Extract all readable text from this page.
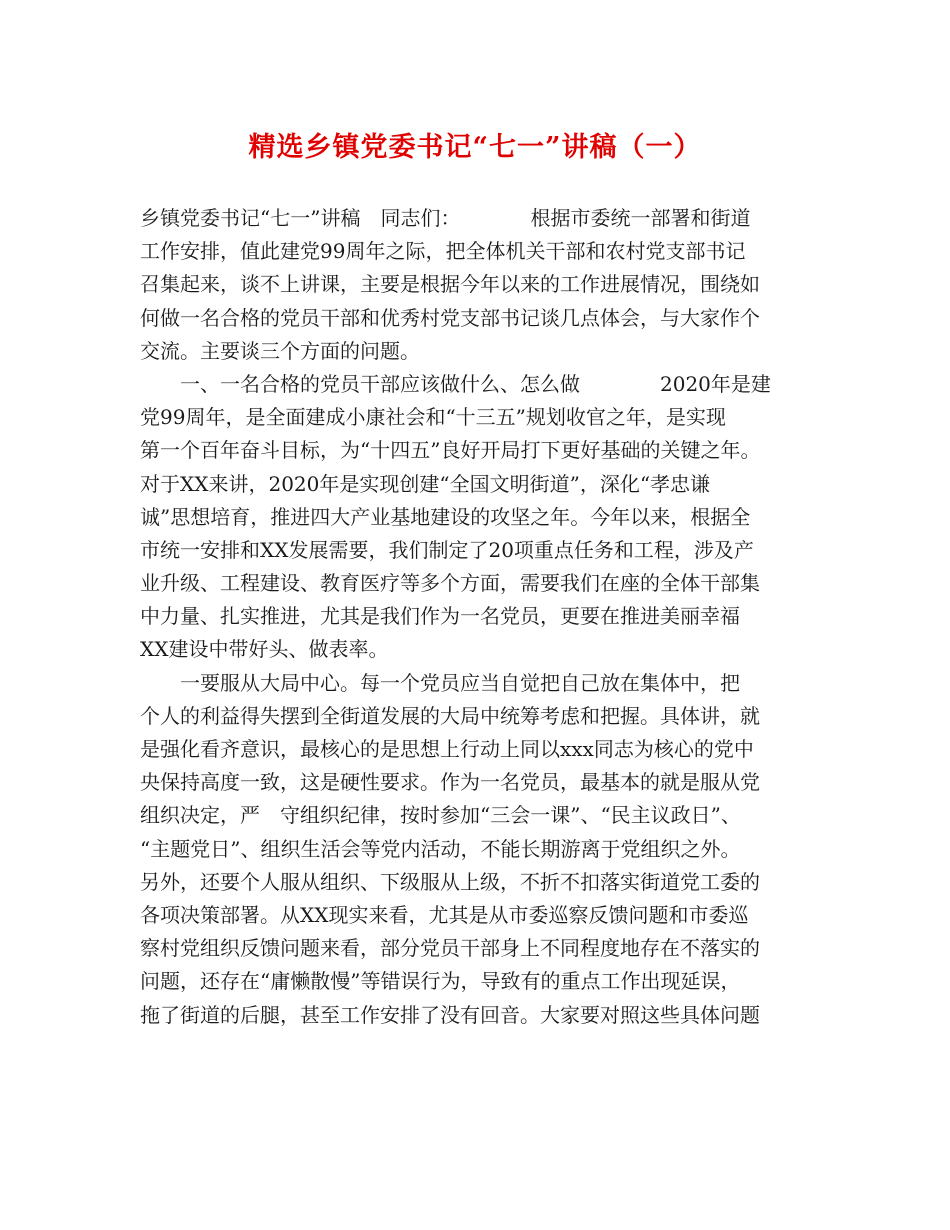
精选乡镇党委书记“七一”讲稿（一）
乡镇党委书记“七一”讲稿　同志们：　　　　根据市委统一部署和街道
工作安排，值此建党99周年之际，把全体机关干部和农村党支部书记
召集起来，谈不上讲课，主要是根据今年以来的工作进展情况，围绕如
何做一名合格的党员干部和优秀村党支部书记谈几点体会，与大家作个
交流。主要谈三个方面的问题。
　　一、一名合格的党员干部应该做什么、怎么做　　　　2020年是建
党99周年，是全面建成小康社会和“十三五”规划收官之年，是实现
第一个百年奋斗目标，为“十四五”良好开局打下更好基础的关键之年。
对于XX来讲，2020年是实现创建“全国文明街道”，深化“孝忠谦
诚”思想培育，推进四大产业基地建设的攻坚之年。今年以来，根据全
市统一安排和XX发展需要，我们制定了20项重点任务和工程，涉及产
业升级、工程建设、教育医疗等多个方面，需要我们在座的全体干部集
中力量、扎实推进，尤其是我们作为一名党员，更要在推进美丽幸福
XX建设中带好头、做表率。
　　一要服从大局中心。每一个党员应当自觉把自己放在集体中，把
个人的利益得失摆到全街道发展的大局中统筹考虑和把握。具体讲，就
是强化看齐意识，最核心的是思想上行动上同以xxx同志为核心的党中
央保持高度一致，这是硬性要求。作为一名党员，最基本的就是服从党
组织决定，严　守组织纪律，按时参加“三会一课”、“民主议政日”、
“主题党日”、组织生活会等党内活动，不能长期游离于党组织之外。
另外，还要个人服从组织、下级服从上级，不折不扣落实街道党工委的
各项决策部署。从XX现实来看，尤其是从市委巡察反馈问题和市委巡
察村党组织反馈问题来看，部分党员干部身上不同程度地存在不落实的
问题，还存在“庸懒散慢”等错误行为，导致有的重点工作出现延误，
拖了街道的后腿，甚至工作安排了没有回音。大家要对照这些具体问题
